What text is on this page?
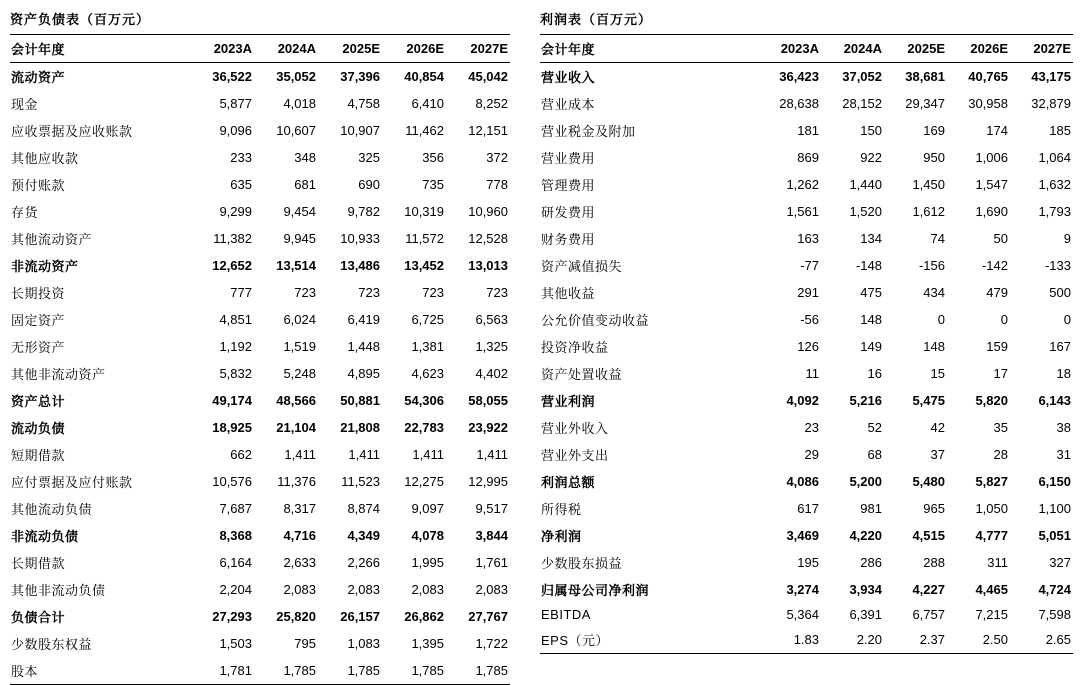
资产负债表（百万元）
会计年度	2023A	2024A	2025E	2026E	2027E
流动资产	36,522	35,052	37,396	40,854	45,042
现金	5,877	4,018	4,758	6,410	8,252
应收票据及应收账款	9,096	10,607	10,907	11,462	12,151
其他应收款	233	348	325	356	372
预付账款	635	681	690	735	778
存货	9,299	9,454	9,782	10,319	10,960
其他流动资产	11,382	9,945	10,933	11,572	12,528
非流动资产	12,652	13,514	13,486	13,452	13,013
长期投资	777	723	723	723	723
固定资产	4,851	6,024	6,419	6,725	6,563
无形资产	1,192	1,519	1,448	1,381	1,325
其他非流动资产	5,832	5,248	4,895	4,623	4,402
资产总计	49,174	48,566	50,881	54,306	58,055
流动负债	18,925	21,104	21,808	22,783	23,922
短期借款	662	1,411	1,411	1,411	1,411
应付票据及应付账款	10,576	11,376	11,523	12,275	12,995
其他流动负债	7,687	8,317	8,874	9,097	9,517
非流动负债	8,368	4,716	4,349	4,078	3,844
长期借款	6,164	2,633	2,266	1,995	1,761
其他非流动负债	2,204	2,083	2,083	2,083	2,083
负债合计	27,293	25,820	26,157	26,862	27,767
少数股东权益	1,503	795	1,083	1,395	1,722
股本	1,781	1,785	1,785	1,785	1,785
利润表（百万元）
会计年度	2023A	2024A	2025E	2026E	2027E
营业收入	36,423	37,052	38,681	40,765	43,175
营业成本	28,638	28,152	29,347	30,958	32,879
营业税金及附加	181	150	169	174	185
营业费用	869	922	950	1,006	1,064
管理费用	1,262	1,440	1,450	1,547	1,632
研发费用	1,561	1,520	1,612	1,690	1,793
财务费用	163	134	74	50	9
资产减值损失	-77	-148	-156	-142	-133
其他收益	291	475	434	479	500
公允价值变动收益	-56	148	0	0	0
投资净收益	126	149	148	159	167
资产处置收益	11	16	15	17	18
营业利润	4,092	5,216	5,475	5,820	6,143
营业外收入	23	52	42	35	38
营业外支出	29	68	37	28	31
利润总额	4,086	5,200	5,480	5,827	6,150
所得税	617	981	965	1,050	1,100
净利润	3,469	4,220	4,515	4,777	5,051
少数股东损益	195	286	288	311	327
归属母公司净利润	3,274	3,934	4,227	4,465	4,724
EBITDA	5,364	6,391	6,757	7,215	7,598
EPS（元）	1.83	2.20	2.37	2.50	2.65
